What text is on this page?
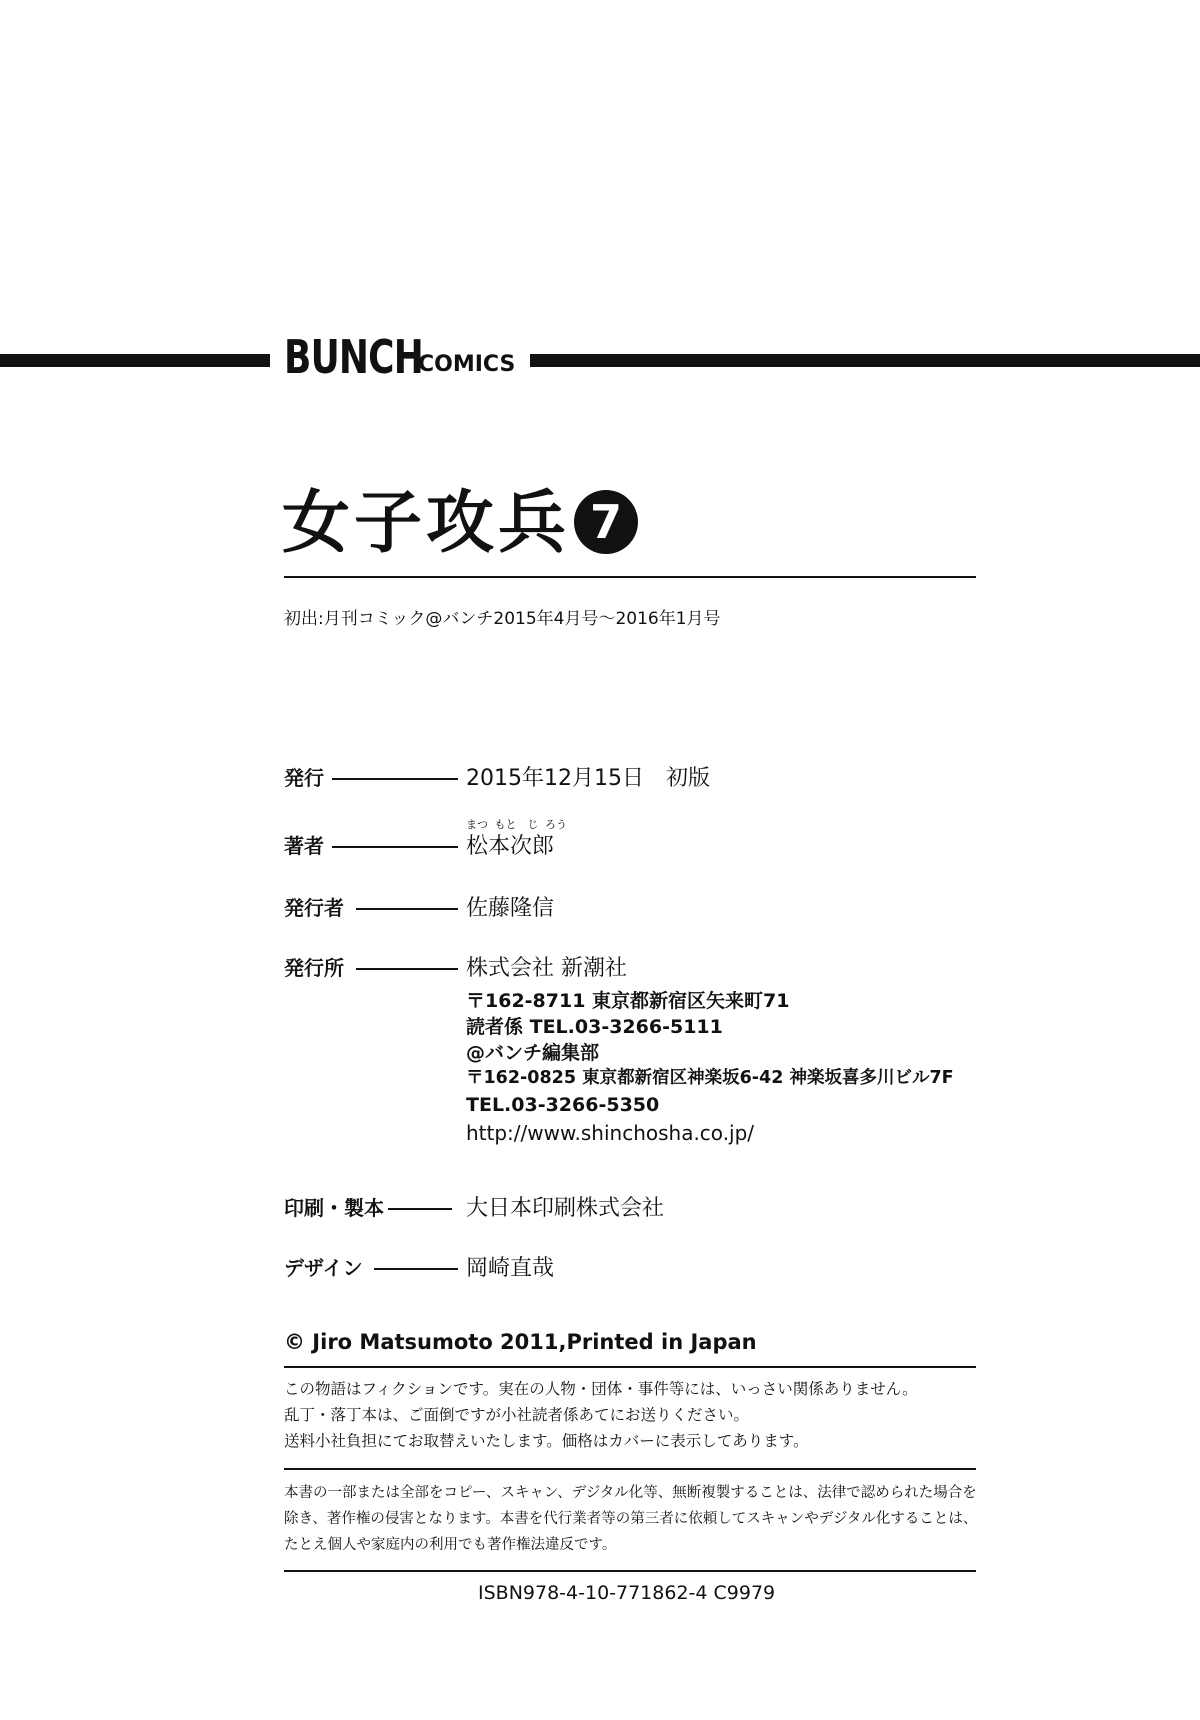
BUNCH
COMICS
女子攻兵 7
初出:月刊コミック@バンチ2015年4月号～2016年1月号
発行	2015年12月15日　初版
まつ もと　じ ろう
著者	松本次郎
発行者	佐藤隆信
発行所	株式会社 新潮社
〒162-8711 東京都新宿区矢来町71
読者係 TEL.03-3266-5111
@バンチ編集部
〒162-0825 東京都新宿区神楽坂6-42 神楽坂喜多川ビル7F
TEL.03-3266-5350
http://www.shinchosha.co.jp/
印刷・製本	大日本印刷株式会社
デザイン	岡崎直哉
© Jiro Matsumoto 2011,Printed in Japan
この物語はフィクションです。実在の人物・団体・事件等には、いっさい関係ありません。
乱丁・落丁本は、ご面倒ですが小社読者係あてにお送りください。
送料小社負担にてお取替えいたします。価格はカバーに表示してあります。
本書の一部または全部をコピー、スキャン、デジタル化等、無断複製することは、法律で認められた場合を
除き、著作権の侵害となります。本書を代行業者等の第三者に依頼してスキャンやデジタル化することは、
たとえ個人や家庭内の利用でも著作権法違反です。
ISBN978-4-10-771862-4 C9979
